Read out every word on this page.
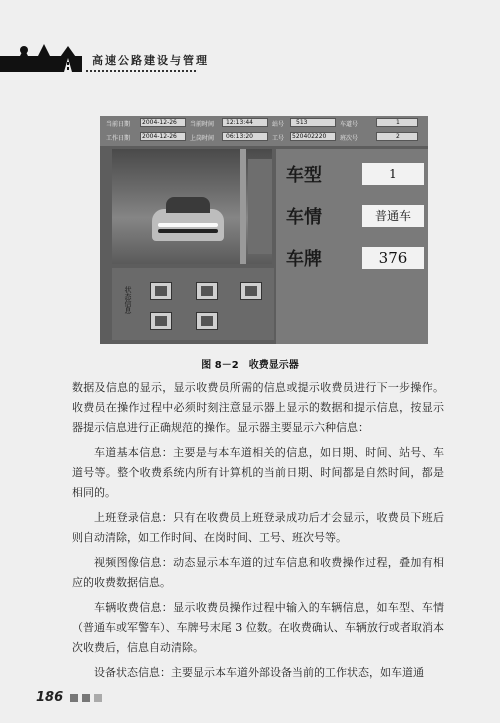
高速公路建设与管理
当前日期 2004-12-26 当前时间 12:13:44	站号 513	车道号	1
工作日期 2004-12-26 上岗时间 06:13:20	工号 520402220 班次号	2
车型	1
车情	普通车
车牌	376
状态信息
图 8－2 收费显示器

数据及信息的显示，显示收费员所需的信息或提示收费员进行下一步操作。收费员在操作过程中必须时刻注意显示器上显示的数据和提示信息，按显示器提示信息进行正确规范的操作。显示器主要显示六种信息：

车道基本信息：主要是与本车道相关的信息，如日期、时间、站号、车道号等。整个收费系统内所有计算机的当前日期、时间都是自然时间，都是相同的。

上班登录信息：只有在收费员上班登录成功后才会显示，收费员下班后则自动清除，如工作时间、在岗时间、工号、班次号等。

视频图像信息：动态显示本车道的过车信息和收费操作过程，叠加有相应的收费数据信息。

车辆收费信息：显示收费员操作过程中输入的车辆信息，如车型、车情（普通车或军警车）、车牌号末尾 3 位数。在收费确认、车辆放行或者取消本次收费后，信息自动清除。

设备状态信息：主要显示本车道外部设备当前的工作状态，如车道通

186
